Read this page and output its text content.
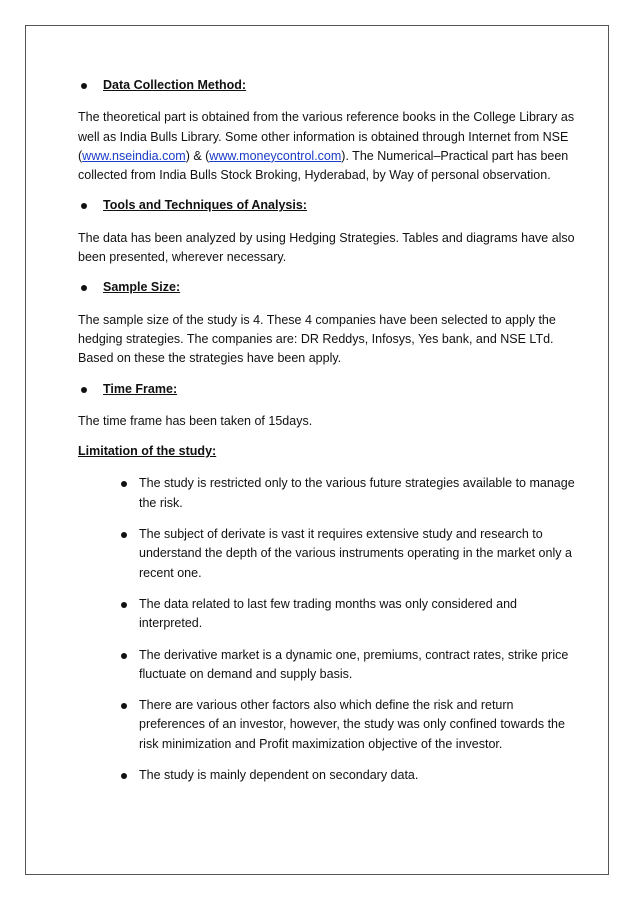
Data Collection Method:

The theoretical part is obtained from the various reference books in the College Library as well as India Bulls Library. Some other information is obtained through Internet from NSE (www.nseindia.com) & (www.moneycontrol.com). The Numerical–Practical part has been collected from India Bulls Stock Broking, Hyderabad, by Way of personal observation.

Tools and Techniques of Analysis:

The data has been analyzed by using Hedging Strategies. Tables and diagrams have also been presented, wherever necessary.

Sample Size:

The sample size of the study is 4. These 4 companies have been selected to apply the hedging strategies. The companies are: DR Reddys, Infosys, Yes bank, and NSE LTd. Based on these the strategies have been apply.

Time Frame:

The time frame has been taken of 15days.

Limitation of the study:
The study is restricted only to the various future strategies available to manage the risk.
The subject of derivate is vast it requires extensive study and research to understand the depth of the various instruments operating in the market only a recent one.
The data related to last few trading months was only considered and interpreted.
The derivative market is a dynamic one, premiums, contract rates, strike price fluctuate on demand and supply basis.
There are various other factors also which define the risk and return preferences of an investor, however, the study was only confined towards the risk minimization and Profit maximization objective of the investor.
The study is mainly dependent on secondary data.
